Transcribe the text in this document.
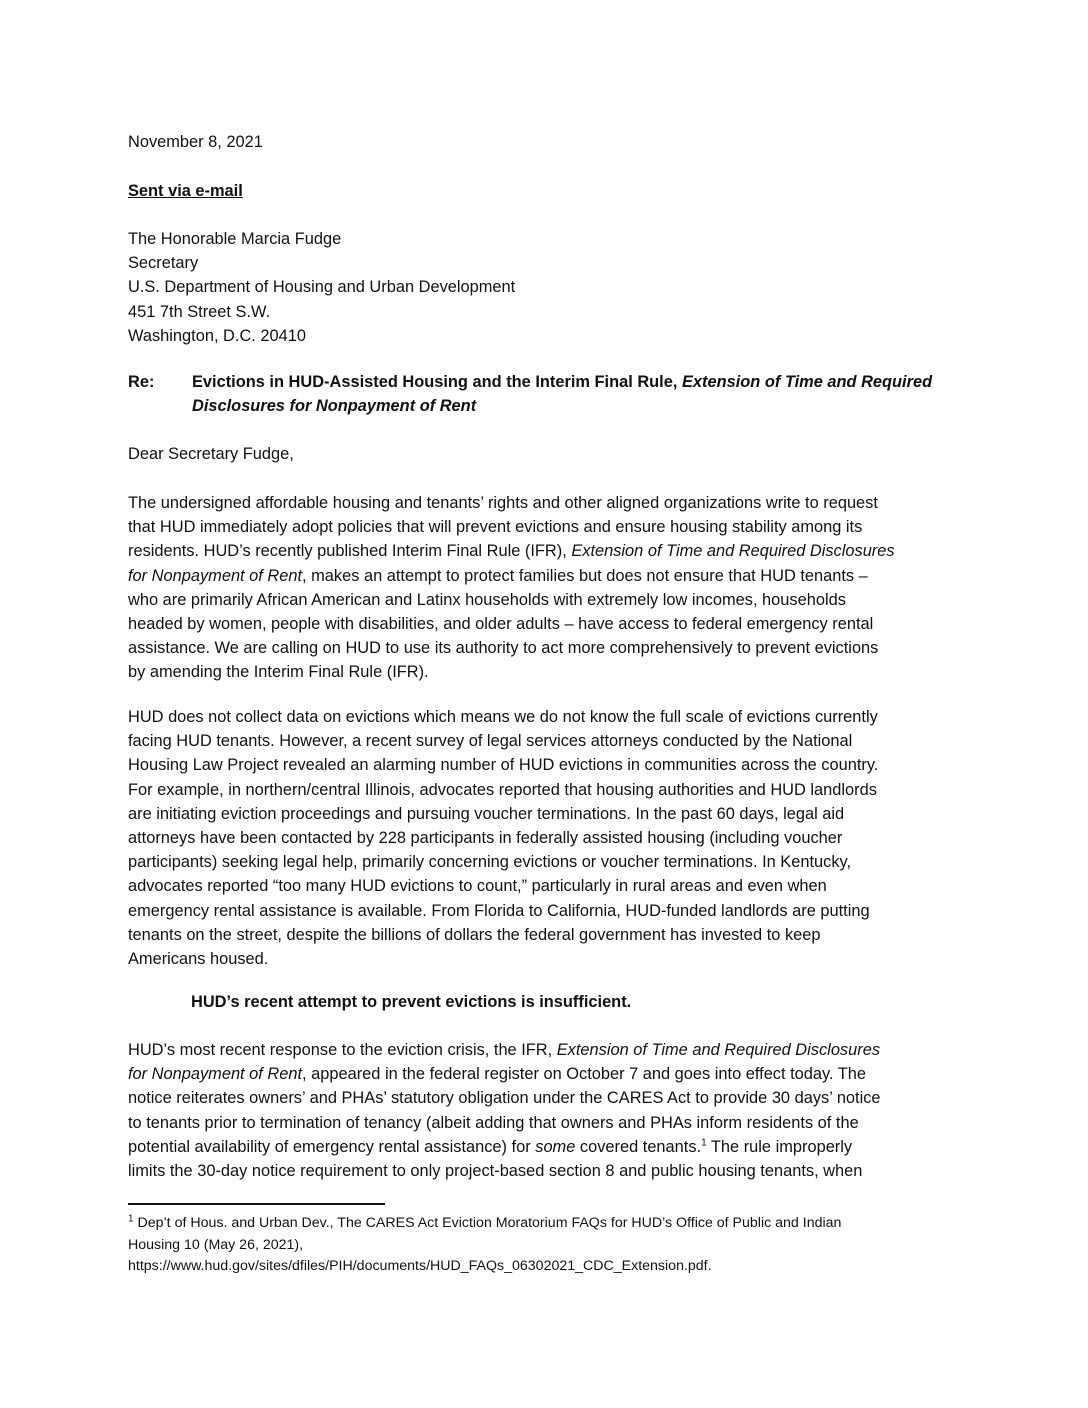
November 8, 2021
Sent via e-mail
The Honorable Marcia Fudge
Secretary
U.S. Department of Housing and Urban Development
451 7th Street S.W.
Washington, D.C. 20410
Re:	Evictions in HUD-Assisted Housing and the Interim Final Rule, Extension of Time and Required
Disclosures for Nonpayment of Rent
Dear Secretary Fudge,
The undersigned affordable housing and tenants’ rights and other aligned organizations write to request
that HUD immediately adopt policies that will prevent evictions and ensure housing stability among its
residents. HUD’s recently published Interim Final Rule (IFR), Extension of Time and Required Disclosures
for Nonpayment of Rent, makes an attempt to protect families but does not ensure that HUD tenants –
who are primarily African American and Latinx households with extremely low incomes, households
headed by women, people with disabilities, and older adults – have access to federal emergency rental
assistance. We are calling on HUD to use its authority to act more comprehensively to prevent evictions
by amending the Interim Final Rule (IFR).
HUD does not collect data on evictions which means we do not know the full scale of evictions currently
facing HUD tenants. However, a recent survey of legal services attorneys conducted by the National
Housing Law Project revealed an alarming number of HUD evictions in communities across the country.
For example, in northern/central Illinois, advocates reported that housing authorities and HUD landlords
are initiating eviction proceedings and pursuing voucher terminations. In the past 60 days, legal aid
attorneys have been contacted by 228 participants in federally assisted housing (including voucher
participants) seeking legal help, primarily concerning evictions or voucher terminations. In Kentucky,
advocates reported “too many HUD evictions to count,” particularly in rural areas and even when
emergency rental assistance is available. From Florida to California, HUD-funded landlords are putting
tenants on the street, despite the billions of dollars the federal government has invested to keep
Americans housed.
HUD’s recent attempt to prevent evictions is insufficient.
HUD’s most recent response to the eviction crisis, the IFR, Extension of Time and Required Disclosures
for Nonpayment of Rent, appeared in the federal register on October 7 and goes into effect today. The
notice reiterates owners’ and PHAs’ statutory obligation under the CARES Act to provide 30 days’ notice
to tenants prior to termination of tenancy (albeit adding that owners and PHAs inform residents of the
potential availability of emergency rental assistance) for some covered tenants.$^1$ The rule improperly
limits the 30-day notice requirement to only project-based section 8 and public housing tenants, when
$^1$ Dep’t of Hous. and Urban Dev., The CARES Act Eviction Moratorium FAQs for HUD’s Office of Public and Indian
Housing 10 (May 26, 2021),
https://www.hud.gov/sites/dfiles/PIH/documents/HUD_FAQs_06302021_CDC_Extension.pdf.
